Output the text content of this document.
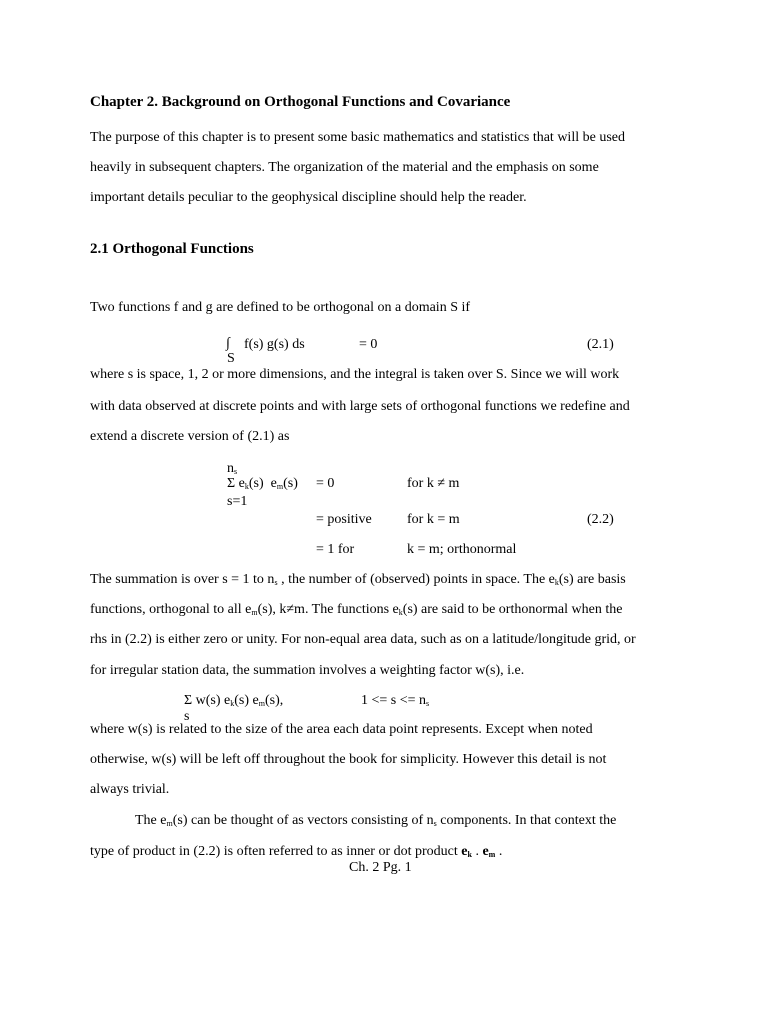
Chapter 2. Background on Orthogonal Functions and Covariance
The purpose of this chapter is to present some basic mathematics and statistics that will be used
heavily in subsequent chapters. The organization of the material and the emphasis on some
important details peculiar to the geophysical discipline should help the reader.
2.1 Orthogonal Functions
Two functions f and g are defined to be orthogonal on a domain S if
∫ f(s) g(s) ds	= 0
S
(2.1)
where s is space, 1, 2 or more dimensions, and the integral is taken over S. Since we will work
with data observed at discrete points and with large sets of orthogonal functions we redefine and
extend a discrete version of (2.1) as
$n_s$
Σ $e_k(s)$ $e_m(s)$
s=1
= 0	for k ≠ m
= positive	for k = m	(2.2)
= 1 for	k = m; orthonormal
The summation is over s = 1 to $n_s$ , the number of (observed) points in space. The $e_k(s)$ are basis
functions, orthogonal to all $e_m(s)$, k≠m. The functions $e_k(s)$ are said to be orthonormal when the
rhs in (2.2) is either zero or unity. For non-equal area data, such as on a latitude/longitude grid, or
for irregular station data, the summation involves a weighting factor w(s), i.e.
Σ w(s) $e_k(s)$ $e_m(s)$,	$1 <= s <= n_s$
s
where w(s) is related to the size of the area each data point represents. Except when noted
otherwise, w(s) will be left off throughout the book for simplicity. However this detail is not
always trivial.
The $e_m(s)$ can be thought of as vectors consisting of $n_s$ components. In that context the
type of product in (2.2) is often referred to as inner or dot product $e_k$ . $e_m$ .
Ch. 2 Pg. 1
